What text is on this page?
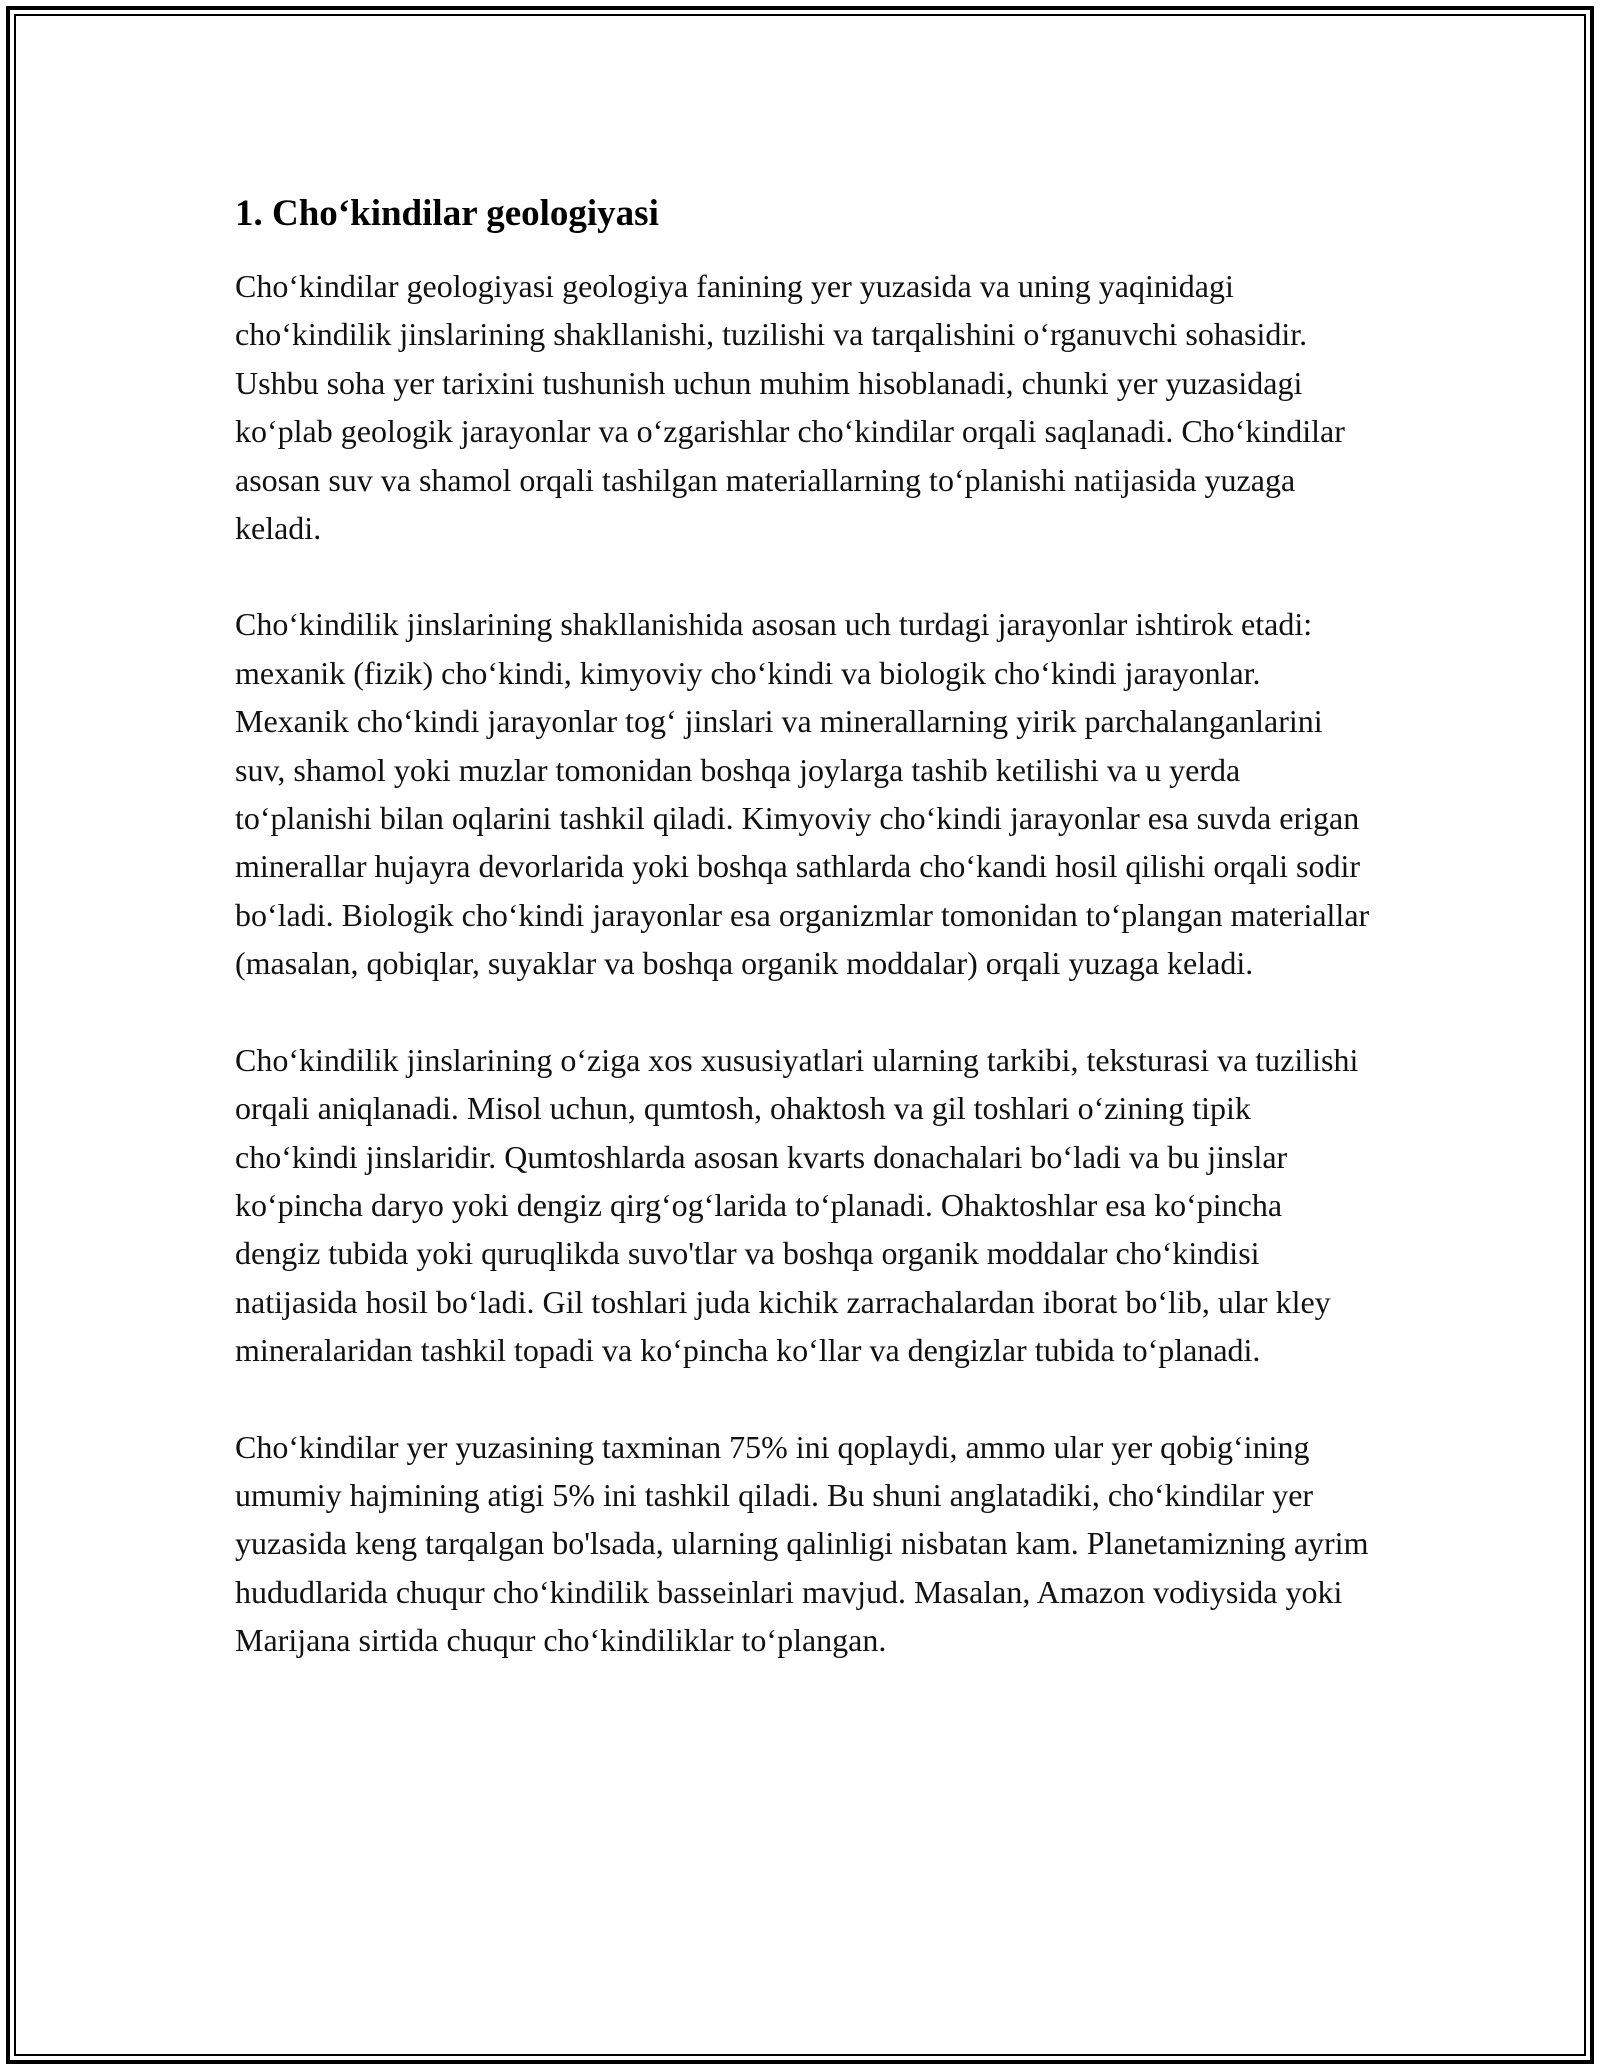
1. Cho‘kindilar geologiyasi

Cho‘kindilar geologiyasi geologiya fanining yer yuzasida va uning yaqinidagi cho‘kindilik jinslarining shakllanishi, tuzilishi va tarqalishini o‘rganuvchi sohasidir. Ushbu soha yer tarixini tushunish uchun muhim hisoblanadi, chunki yer yuzasidagi ko‘plab geologik jarayonlar va o‘zgarishlar cho‘kindilar orqali saqlanadi. Cho‘kindilar asosan suv va shamol orqali tashilgan materiallarning to‘planishi natijasida yuzaga keladi.

Cho‘kindilik jinslarining shakllanishida asosan uch turdagi jarayonlar ishtirok etadi: mexanik (fizik) cho‘kindi, kimyoviy cho‘kindi va biologik cho‘kindi jarayonlar. Mexanik cho‘kindi jarayonlar tog‘ jinslari va minerallarning yirik parchalanganlarini suv, shamol yoki muzlar tomonidan boshqa joylarga tashib ketilishi va u yerda to‘planishi bilan oqlarini tashkil qiladi. Kimyoviy cho‘kindi jarayonlar esa suvda erigan minerallar hujayra devorlarida yoki boshqa sathlarda cho‘kandi hosil qilishi orqali sodir bo‘ladi. Biologik cho‘kindi jarayonlar esa organizmlar tomonidan to‘plangan materiallar (masalan, qobiqlar, suyaklar va boshqa organik moddalar) orqali yuzaga keladi.

Cho‘kindilik jinslarining o‘ziga xos xususiyatlari ularning tarkibi, teksturasi va tuzilishi orqali aniqlanadi. Misol uchun, qumtosh, ohaktosh va gil toshlari o‘zining tipik cho‘kindi jinslaridir. Qumtoshlarda asosan kvarts donachalari bo‘ladi va bu jinslar ko‘pincha daryo yoki dengiz qirg‘og‘larida to‘planadi. Ohaktoshlar esa ko‘pincha dengiz tubida yoki quruqlikda suvo'tlar va boshqa organik moddalar cho‘kindisi natijasida hosil bo‘ladi. Gil toshlari juda kichik zarrachalardan iborat bo‘lib, ular kley mineralaridan tashkil topadi va ko‘pincha ko‘llar va dengizlar tubida to‘planadi.

Cho‘kindilar yer yuzasining taxminan 75% ini qoplaydi, ammo ular yer qobig‘ining umumiy hajmining atigi 5% ini tashkil qiladi. Bu shuni anglatadiki, cho‘kindilar yer yuzasida keng tarqalgan bo'lsada, ularning qalinligi nisbatan kam. Planetamizning ayrim hududlarida chuqur cho‘kindilik basseinlari mavjud. Masalan, Amazon vodiysida yoki Marijana sirtida chuqur cho‘kindiliklar to‘plangan.
